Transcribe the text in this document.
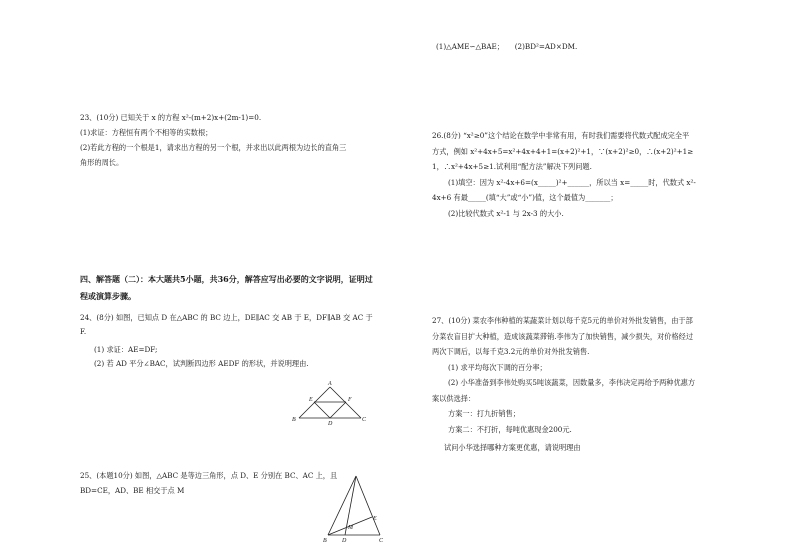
(1)△AME∽△BAE；　　(2)BD²=AD×DM.
23、(10分) 已知关于 x 的方程 x²-(m+2)x+(2m-1)=0.
(1)求证：方程恒有两个不相等的实数根；
(2)若此方程的一个根是1，请求出方程的另一个根，并求出以此两根为边长的直角三
角形的周长。
四、解答题（二）：本大题共5小题，共36分，解答应写出必要的文字说明，证明过
程或演算步骤。
24、(8分) 如图，已知点 D 在△ABC 的 BC 边上，DE∥AC 交 AB 于 E，DF∥AB 交 AC 于
F.
(1) 求证：AE=DF;
(2) 若 AD 平分∠BAC，试判断四边形 AEDF 的形状，并说明理由.
A
E	F
B
D
C
25、(本题10分) 如图，△ABC 是等边三角形，点 D、E 分别在 BC、AC 上，且
BD=CE，AD、BE 相交于点 M
M
E
B	D	C
26.(8分) “x²≥0”这个结论在数学中非常有用，有时我们需要将代数式配成完全平
方式，例如 x²+4x+5=x²+4x+4+1=(x+2)²+1，∵(x+2)²≥0，∴(x+2)²+1≥
1，∴x²+4x+5≥1.试利用“配方法”解决下列问题.
(1)填空：因为 x²-4x+6=(x_____)²+______，所以当 x=_____时，代数式 x²-
4x+6 有最_____(填“大”或“小”)值，这个最值为_______；
(2)比较代数式 x²-1 与 2x-3 的大小.
27、(10分) 菜农李伟种植的某蔬菜计划以每千克5元的单价对外批发销售，由于部
分菜农盲目扩大种植，造成该蔬菜滞销.李伟为了加快销售，减少损失，对价格经过
两次下调后，以每千克3.2元的单价对外批发销售.
(1) 求平均每次下调的百分率；
(2) 小华准备到李伟处购买5吨该蔬菜，因数量多，李伟决定再给予两种优惠方
案以供选择：
方案一：打九折销售；
方案二：不打折，每吨优惠现金200元.
试问小华选择哪种方案更优惠，请说明理由
